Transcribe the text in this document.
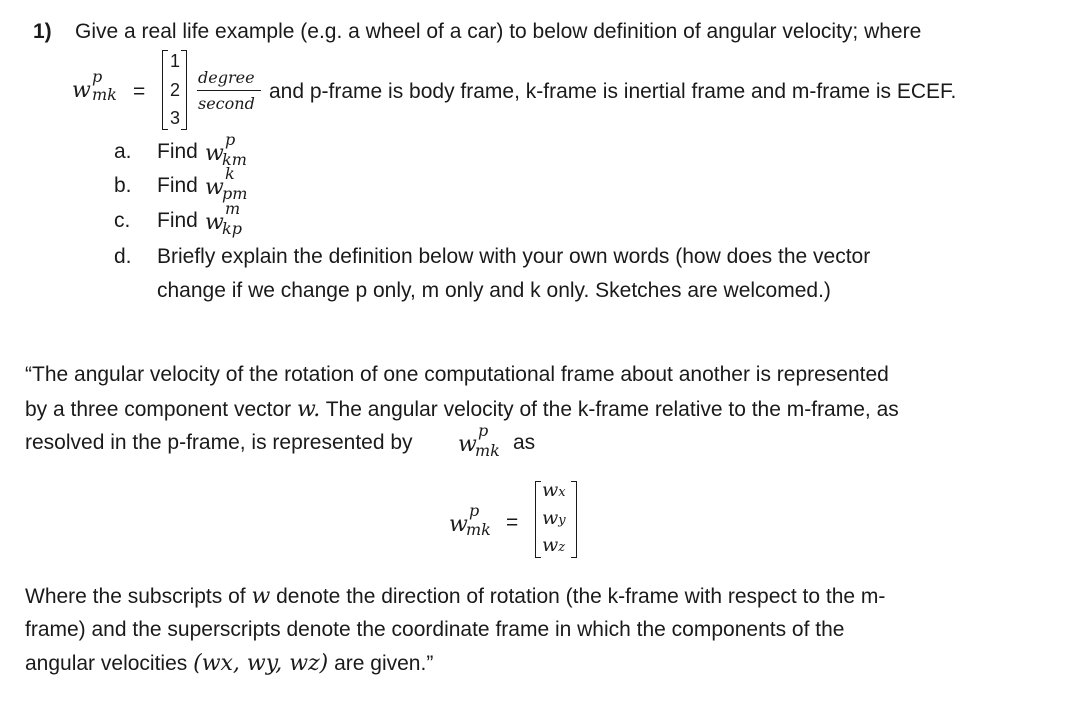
1) Give a real life example (e.g. a wheel of a car) to below definition of angular velocity; where
w
p
mk =
1
2
3
degree
second
and p-frame is body frame, k-frame is inertial frame and m-frame is ECEF.
a. Find w
p
km
b. Find w
k
pm
c. Find w
m
kp
d. Briefly explain the definition below with your own words (how does the vector
change if we change p only, m only and k only. Sketches are welcomed.)
“The angular velocity of the rotation of one computational frame about another is represented
by a three component vector w. The angular velocity of the k-frame relative to the m-frame, as
resolved in the p-frame, is represented by w
p
mk as
w
p
mk =
wx
wy
wz
Where the subscripts of w denote the direction of rotation (the k-frame with respect to the m-
frame) and the superscripts denote the coordinate frame in which the components of the
angular velocities (wx, wy, wz) are given.”
